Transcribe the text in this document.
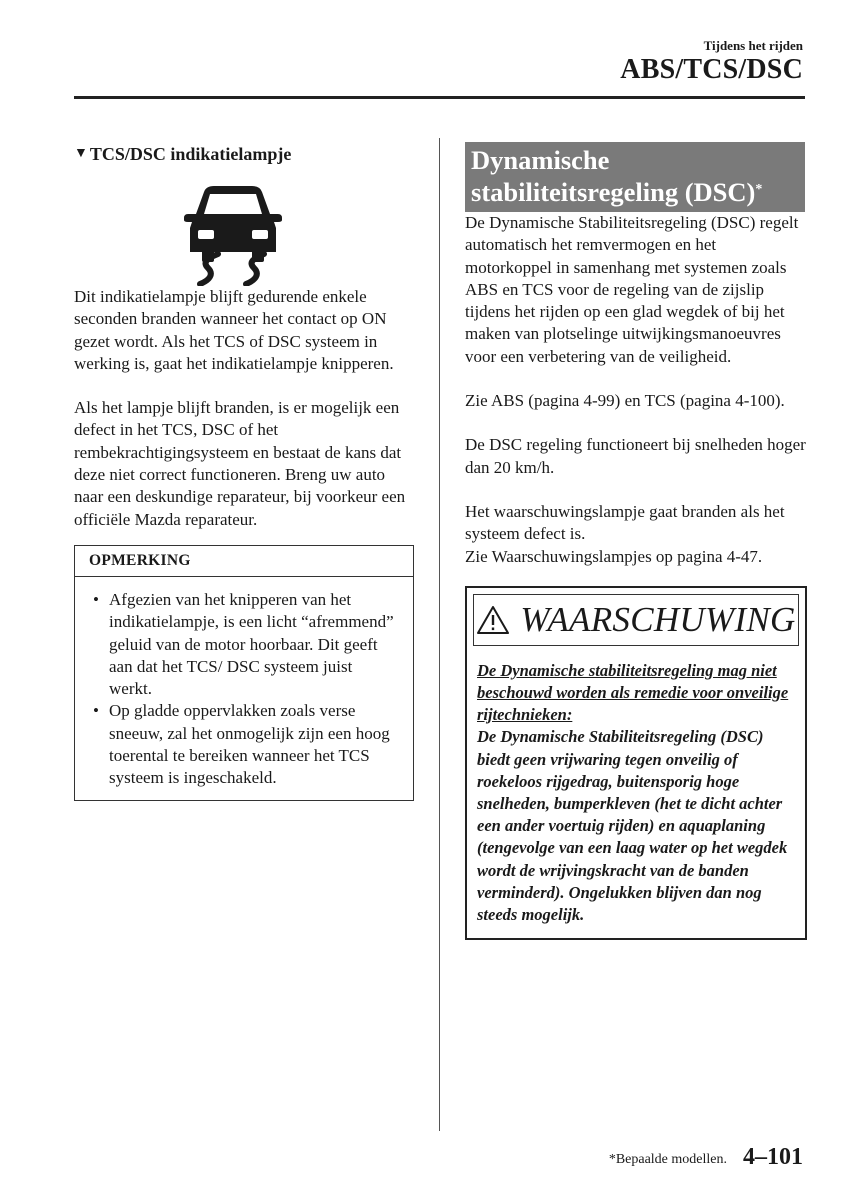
Tijdens het rijden
ABS/TCS/DSC
▼ TCS/DSC indikatielampje

Dit indikatielampje blijft gedurende enkele seconden branden wanneer het contact op ON gezet wordt. Als het TCS of DSC systeem in werking is, gaat het indikatielampje knipperen.

Als het lampje blijft branden, is er mogelijk een defect in het TCS, DSC of het rembekrachtigingsysteem en bestaat de kans dat deze niet correct functioneren. Breng uw auto naar een deskundige reparateur, bij voorkeur een officiële Mazda reparateur.

OPMERKING
• Afgezien van het knipperen van het indikatielampje, is een licht “afremmend” geluid van de motor hoorbaar. Dit geeft aan dat het TCS/ DSC systeem juist werkt.
• Op gladde oppervlakken zoals verse sneeuw, zal het onmogelijk zijn een hoog toerental te bereiken wanneer het TCS systeem is ingeschakeld.
Dynamische
stabiliteitsregeling (DSC)*

De Dynamische Stabiliteitsregeling (DSC) regelt automatisch het remvermogen en het motorkoppel in samenhang met systemen zoals ABS en TCS voor de regeling van de zijslip tijdens het rijden op een glad wegdek of bij het maken van plotselinge uitwijkingsmanoeuvres voor een verbetering van de veiligheid.

Zie ABS (pagina 4-99) en TCS (pagina 4-100).

De DSC regeling functioneert bij snelheden hoger dan 20 km/h.

Het waarschuwingslampje gaat branden als het systeem defect is.

Zie Waarschuwingslampjes op pagina 4-47.

WAARSCHUWING
De Dynamische stabiliteitsregeling mag niet beschouwd worden als remedie voor onveilige rijtechnieken:
De Dynamische Stabiliteitsregeling (DSC) biedt geen vrijwaring tegen onveilig of roekeloos rijgedrag, buitensporig hoge snelheden, bumperkleven (het te dicht achter een ander voertuig rijden) en aquaplaning (tengevolge van een laag water op het wegdek wordt de wrijvingskracht van de banden verminderd). Ongelukken blijven dan nog steeds mogelijk.
*Bepaalde modellen. 4–101
